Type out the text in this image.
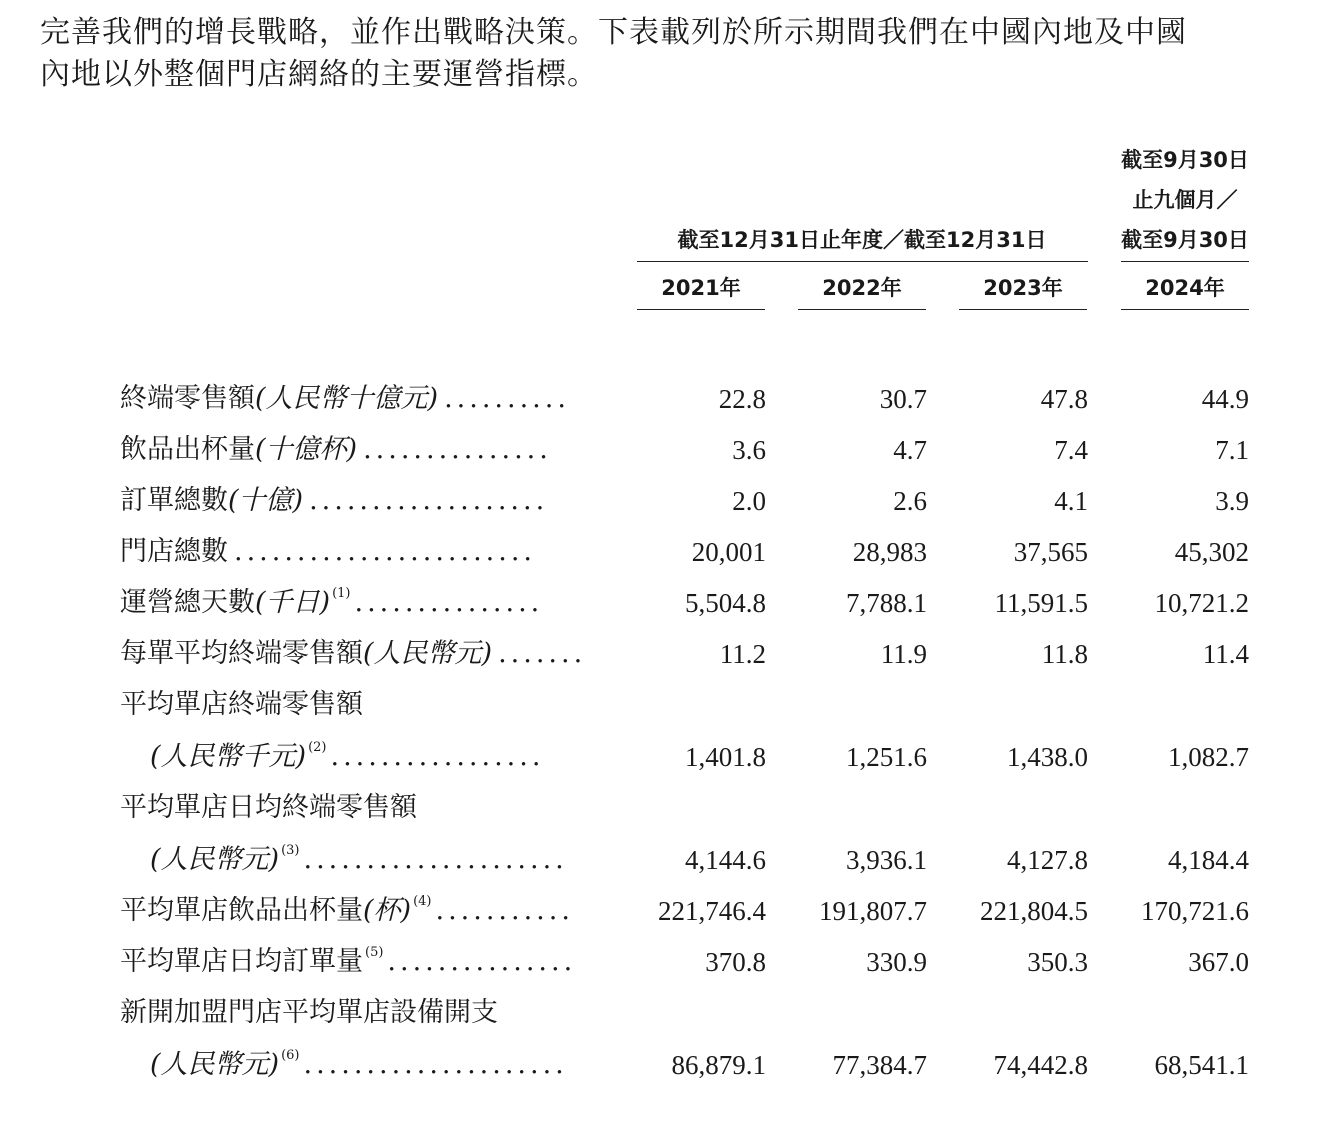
完善我們的增長戰略，並作出戰略決策。下表載列於所示期間我們在中國內地及中國

內地以外整個門店網絡的主要運營指標。

截至9月30日
止九個月／
截至12月31日止年度／截至12月31日	截至9月30日
2021年	2022年	2023年	2024年
終端零售額(人民幣十億元) ..........	22.8	30.7	47.8	44.9
飲品出杯量(十億杯) ...............	3.6	4.7	7.4	7.1
訂單總數(十億) ...................	2.0	2.6	4.1	3.9
門店總數 ........................	20,001	28,983	37,565	45,302
運營總天數(千日) $^{(1)}$ ...............	5,504.8	7,788.1	11,591.5	10,721.2
每單平均終端零售額(人民幣元) .......	11.2	11.9	11.8	11.4
平均單店終端零售額
(人民幣千元) $^{(2)}$ .................	1,401.8	1,251.6	1,438.0	1,082.7
平均單店日均終端零售額
(人民幣元) $^{(3)}$ .....................	4,144.6	3,936.1	4,127.8	4,184.4
平均單店飲品出杯量(杯) $^{(4)}$ ...........	221,746.4	191,807.7	221,804.5	170,721.6
平均單店日均訂單量 $^{(5)}$ ...............	370.8	330.9	350.3	367.0
新開加盟門店平均單店設備開支
(人民幣元) $^{(6)}$ .....................	86,879.1	77,384.7	74,442.8	68,541.1
